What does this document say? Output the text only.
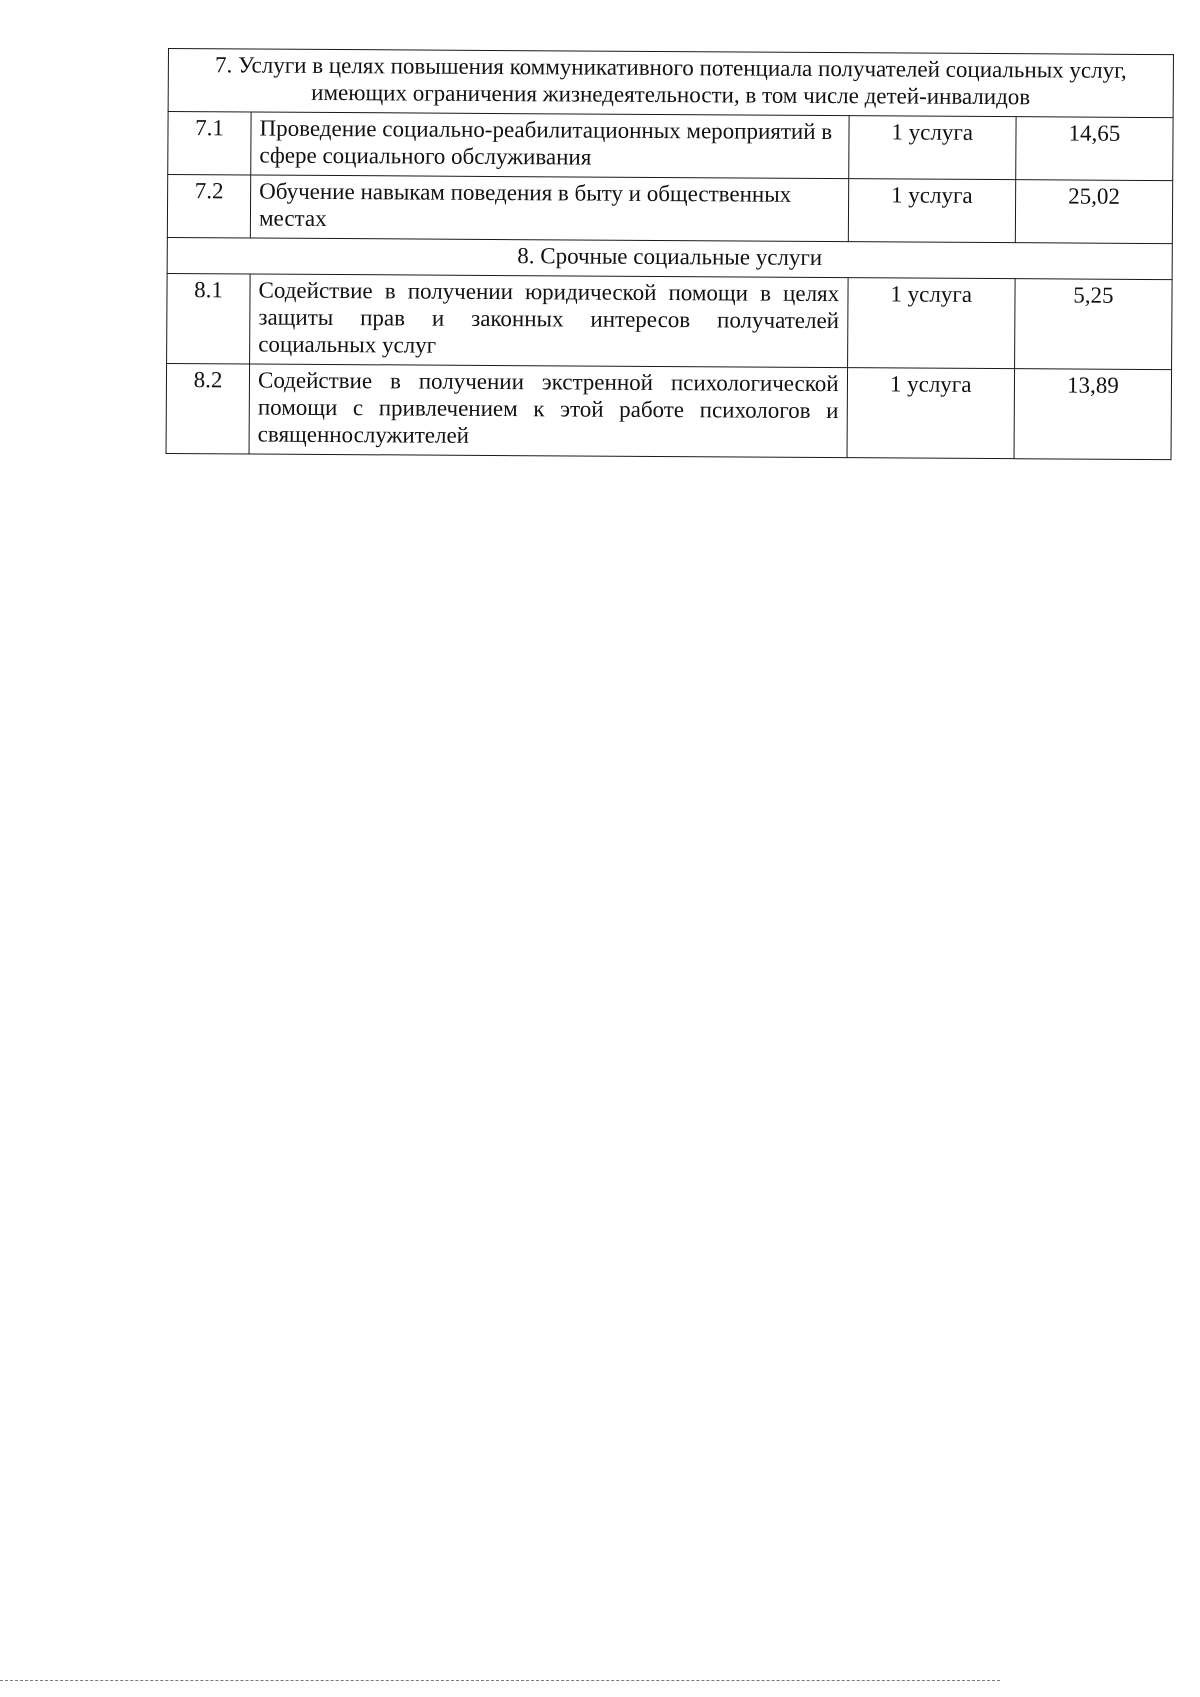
7. Услуги в целях повышения коммуникативного потенциала получателей социальных услуг, имеющих ограничения жизнедеятельности, в том числе детей-инвалидов			
7.1	Проведение социально-реабилитационных мероприятий в сфере социального обслуживания	1 услуга	14,65
7.2	Обучение навыкам поведения в быту и общественных местах	1 услуга	25,02
8. Срочные социальные услуги			
8.1	Содействие в получении юридической помощи в целях защиты прав и законных интересов получателей социальных услуг	1 услуга	5,25
8.2	Содействие в получении экстренной психологической помощи с привлечением к этой работе психологов и священнослужителей	1 услуга	13,89
